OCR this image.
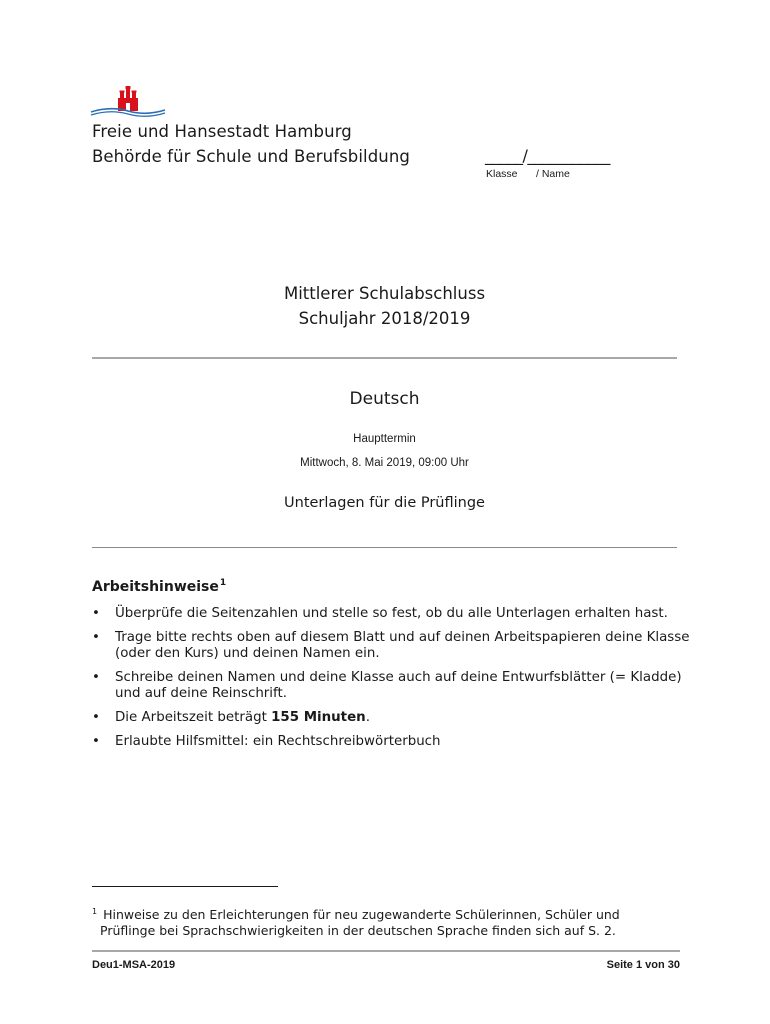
Freie und Hansestadt Hamburg
Behörde für Schule und Berufsbildung	_____/___________
Klasse / Name
Mittlerer Schulabschluss
Schuljahr 2018/2019
Deutsch
Haupttermin
Mittwoch, 8. Mai 2019, 09:00 Uhr
Unterlagen für die Prüflinge
Arbeitshinweise$^1$
• Überprüfe die Seitenzahlen und stelle so fest, ob du alle Unterlagen erhalten hast.
• Trage bitte rechts oben auf diesem Blatt und auf deinen Arbeitspapieren deine Klasse (oder den Kurs) und deinen Namen ein.
• Schreibe deinen Namen und deine Klasse auch auf deine Entwurfsblätter (= Kladde) und auf deine Reinschrift.
• Die Arbeitszeit beträgt 155 Minuten.
• Erlaubte Hilfsmittel: ein Rechtschreibwörterbuch
$^1$ Hinweise zu den Erleichterungen für neu zugewanderte Schülerinnen, Schüler und
Prüflinge bei Sprachschwierigkeiten in der deutschen Sprache finden sich auf S. 2.
Deu1-MSA-2019	Seite 1 von 30
